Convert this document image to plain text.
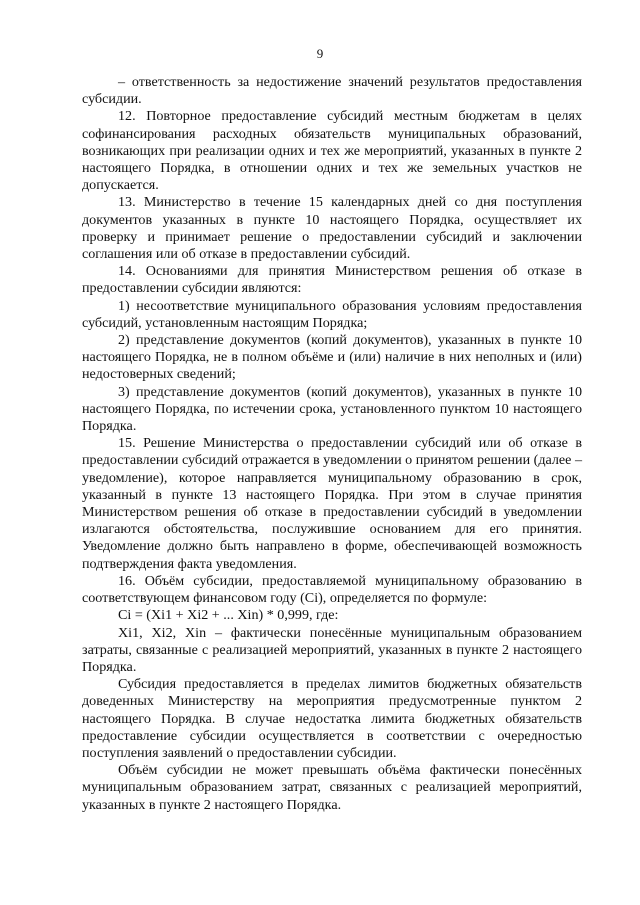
9

– ответственность за недостижение значений результатов предоставления субсидии.

12. Повторное предоставление субсидий местным бюджетам в целях софинансирования расходных обязательств муниципальных образований, возникающих при реализации одних и тех же мероприятий, указанных в пункте 2 настоящего Порядка, в отношении одних и тех же земельных участков не допускается.

13. Министерство в течение 15 календарных дней со дня поступления документов указанных в пункте 10 настоящего Порядка, осуществляет их проверку и принимает решение о предоставлении субсидий и заключении соглашения или об отказе в предоставлении субсидий.

14. Основаниями для принятия Министерством решения об отказе в предоставлении субсидии являются:

1) несоответствие муниципального образования условиям предоставления субсидий, установленным настоящим Порядка;

2) представление документов (копий документов), указанных в пункте 10 настоящего Порядка, не в полном объёме и (или) наличие в них неполных и (или) недостоверных сведений;

3) представление документов (копий документов), указанных в пункте 10 настоящего Порядка, по истечении срока, установленного пунктом 10 настоящего Порядка.

15. Решение Министерства о предоставлении субсидий или об отказе в предоставлении субсидий отражается в уведомлении о принятом решении (далее – уведомление), которое направляется муниципальному образованию в срок, указанный в пункте 13 настоящего Порядка. При этом в случае принятия Министерством решения об отказе в предоставлении субсидий в уведомлении излагаются обстоятельства, послужившие основанием для его принятия. Уведомление должно быть направлено в форме, обеспечивающей возможность подтверждения факта уведомления.

16. Объём субсидии, предоставляемой муниципальному образованию в соответствующем финансовом году (Ci), определяется по формуле:

Ci = (Xi1 + Xi2 + ... Xin) * 0,999, где:

Xi1, Xi2, Xin – фактически понесённые муниципальным образованием затраты, связанные с реализацией мероприятий, указанных в пункте 2 настоящего Порядка.

Субсидия предоставляется в пределах лимитов бюджетных обязательств доведенных Министерству на мероприятия предусмотренные пунктом 2 настоящего Порядка. В случае недостатка лимита бюджетных обязательств предоставление субсидии осуществляется в соответствии с очередностью поступления заявлений о предоставлении субсидии.

Объём субсидии не может превышать объёма фактически понесённых муниципальным образованием затрат, связанных с реализацией мероприятий, указанных в пункте 2 настоящего Порядка.
